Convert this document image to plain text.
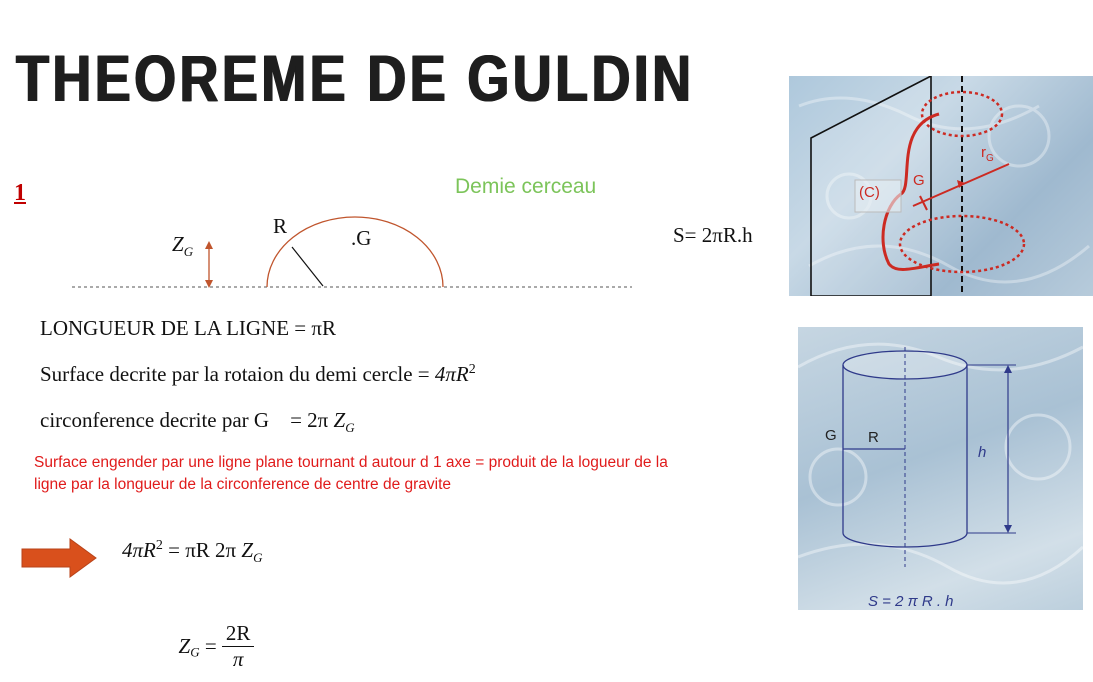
THEOREME DE GULDIN
1	Demie cerceau
$Z_G$
R	.G	S= 2πR.h
LONGUEUR DE LA LIGNE = πR
Surface decrite par la rotaion du demi cercle = $4\pi R^2$
circonference decrite par G    = 2π $Z_G$
Surface engender par une ligne plane tournant d autour d 1 axe = produit de la logueur de la ligne par la longueur de la circonference de centre de gravite
$4\pi R^2 = \pi R$ 2π $Z_G$

$Z_G = \frac{2R}{\pi}$

(C)
G
$r_G$
G R
h
S = 2 π R . h
